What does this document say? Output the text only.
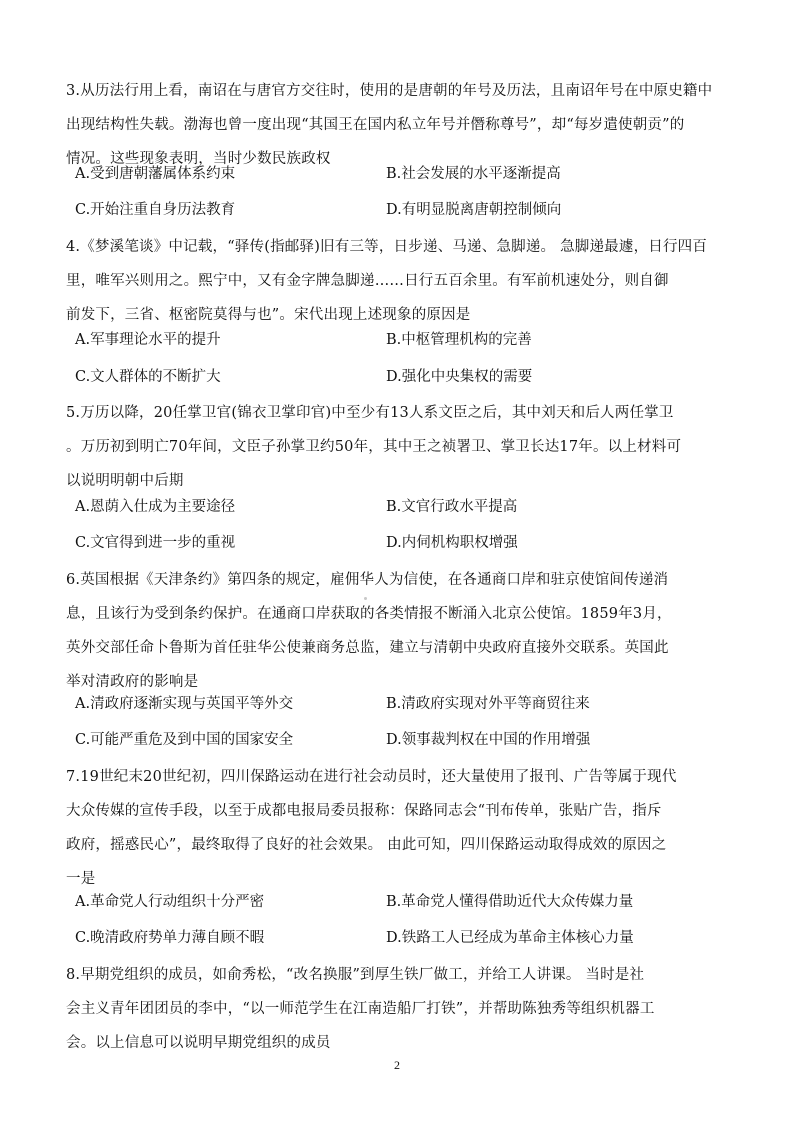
3.从历法行用上看，南诏在与唐官方交往时，使用的是唐朝的年号及历法，且南诏年号在中原史籍中
出现结构性失载。渤海也曾一度出现“其国王在国内私立年号并僭称尊号”，却“每岁遣使朝贡”的
情况。这些现象表明，当时少数民族政权
A.受到唐朝藩属体系约束	B.社会发展的水平逐渐提高
C.开始注重自身历法教育	D.有明显脱离唐朝控制倾向
4.《梦溪笔谈》中记载，“驿传(指邮驿)旧有三等，日步递、马递、急脚递。 急脚递最遽，日行四百
里，唯军兴则用之。熙宁中，又有金字牌急脚递……日行五百余里。有军前机速处分，则自御
前发下，三省、枢密院莫得与也”。宋代出现上述现象的原因是
A.军事理论水平的提升	B.中枢管理机构的完善
C.文人群体的不断扩大	D.强化中央集权的需要
5.万历以降，20任掌卫官(锦衣卫掌印官)中至少有13人系文臣之后，其中刘天和后人两任掌卫
。万历初到明亡70年间，文臣子孙掌卫约50年，其中王之祯署卫、掌卫长达17年。以上材料可
以说明明朝中后期
A.恩荫入仕成为主要途径	B.文官行政水平提高
C.文官得到进一步的重视	D.内伺机构职权增强
6.英国根据《天津条约》第四条的规定，雇佣华人为信使，在各通商口岸和驻京使馆间传递消
息，且该行为受到条约保护。在通商口岸获取的各类情报不断涌入北京公使馆。1859年3月，
英外交部任命卜鲁斯为首任驻华公使兼商务总监，建立与清朝中央政府直接外交联系。英国此
举对清政府的影响是
A.清政府逐渐实现与英国平等外交	B.清政府实现对外平等商贸往来
C.可能严重危及到中国的国家安全	D.领事裁判权在中国的作用增强
7.19世纪末20世纪初，四川保路运动在进行社会动员时，还大量使用了报刊、广告等属于现代
大众传媒的宣传手段，以至于成都电报局委员报称：保路同志会“刊布传单，张贴广告，指斥
政府，摇惑民心”，最终取得了良好的社会效果。 由此可知，四川保路运动取得成效的原因之
一是
A.革命党人行动组织十分严密	B.革命党人懂得借助近代大众传媒力量
C.晚清政府势单力薄自顾不暇	D.铁路工人已经成为革命主体核心力量
8.早期党组织的成员，如俞秀松，“改名换服”到厚生铁厂做工，并给工人讲课。 当时是社
会主义青年团团员的李中，“以一师范学生在江南造船厂打铁”，并帮助陈独秀等组织机器工
会。以上信息可以说明早期党组织的成员
2
